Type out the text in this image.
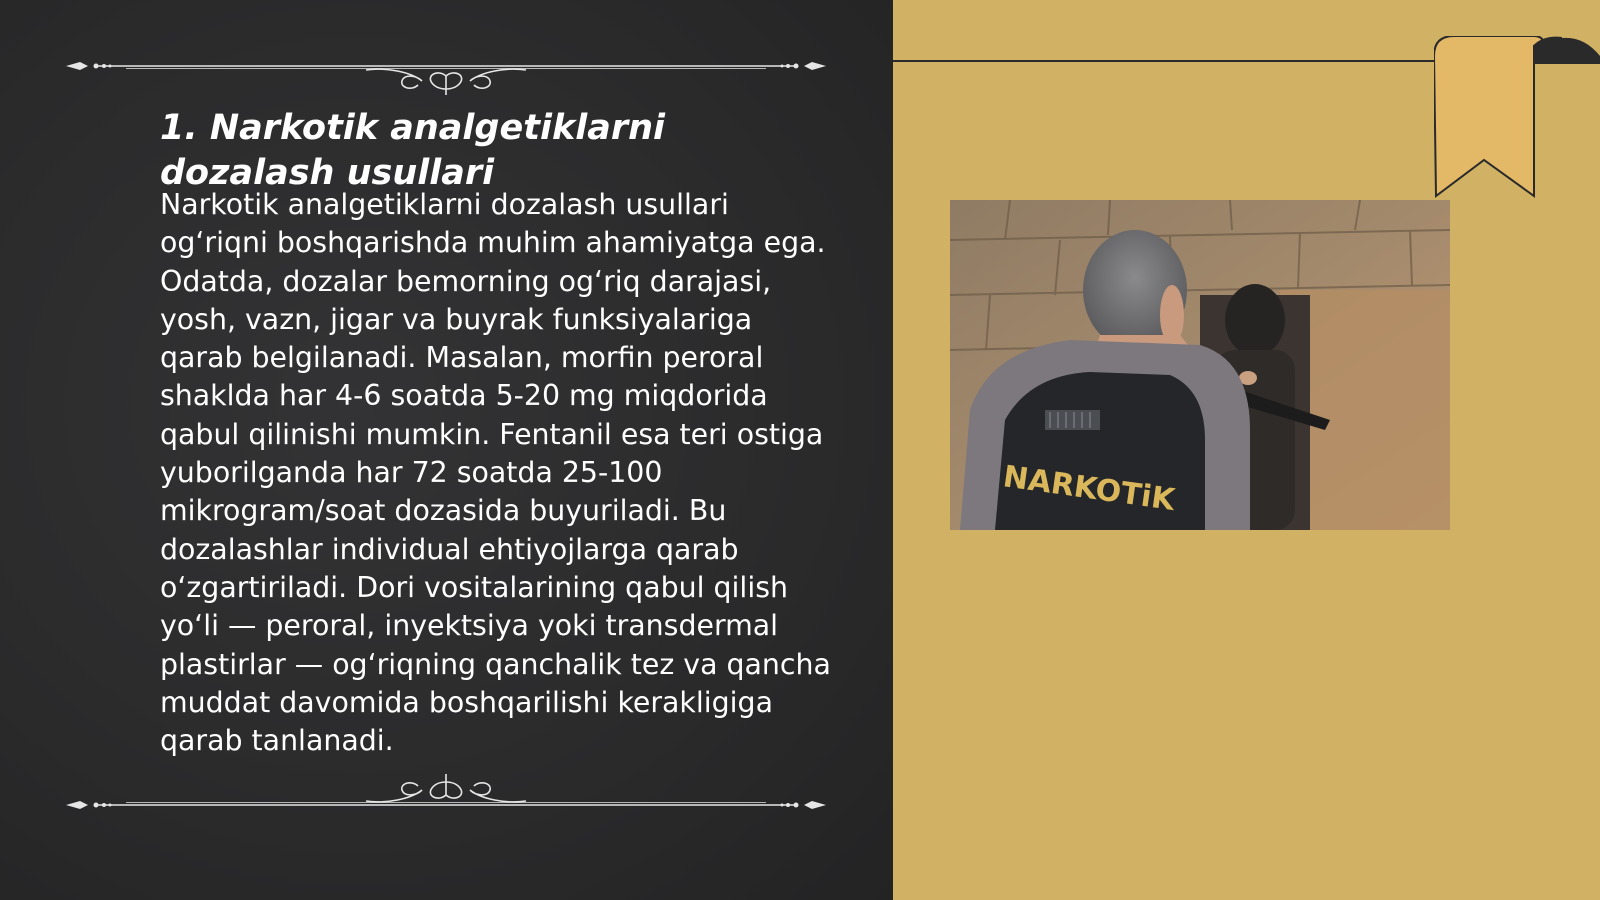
1. Narkotik analgetiklarni dozalash usullari

Narkotik analgetiklarni dozalash usullari og‘riqni boshqarishda muhim ahamiyatga ega. Odatda, dozalar bemorning og‘riq darajasi, yosh, vazn, jigar va buyrak funksiyalariga qarab belgilanadi. Masalan, morfin peroral shaklda har 4-6 soatda 5-20 mg miqdorida qabul qilinishi mumkin. Fentanil esa teri ostiga yuborilganda har 72 soatda 25-100 mikrogram/soat dozasida buyuriladi. Bu dozalashlar individual ehtiyojlarga qarab o‘zgartiriladi. Dori vositalarining qabul qilish yo‘li — peroral, inyektsiya yoki transdermal plastirlar — og‘riqning qanchalik tez va qancha muddat davomida boshqarilishi kerakligiga qarab tanlanadi.

NARKOTiK
